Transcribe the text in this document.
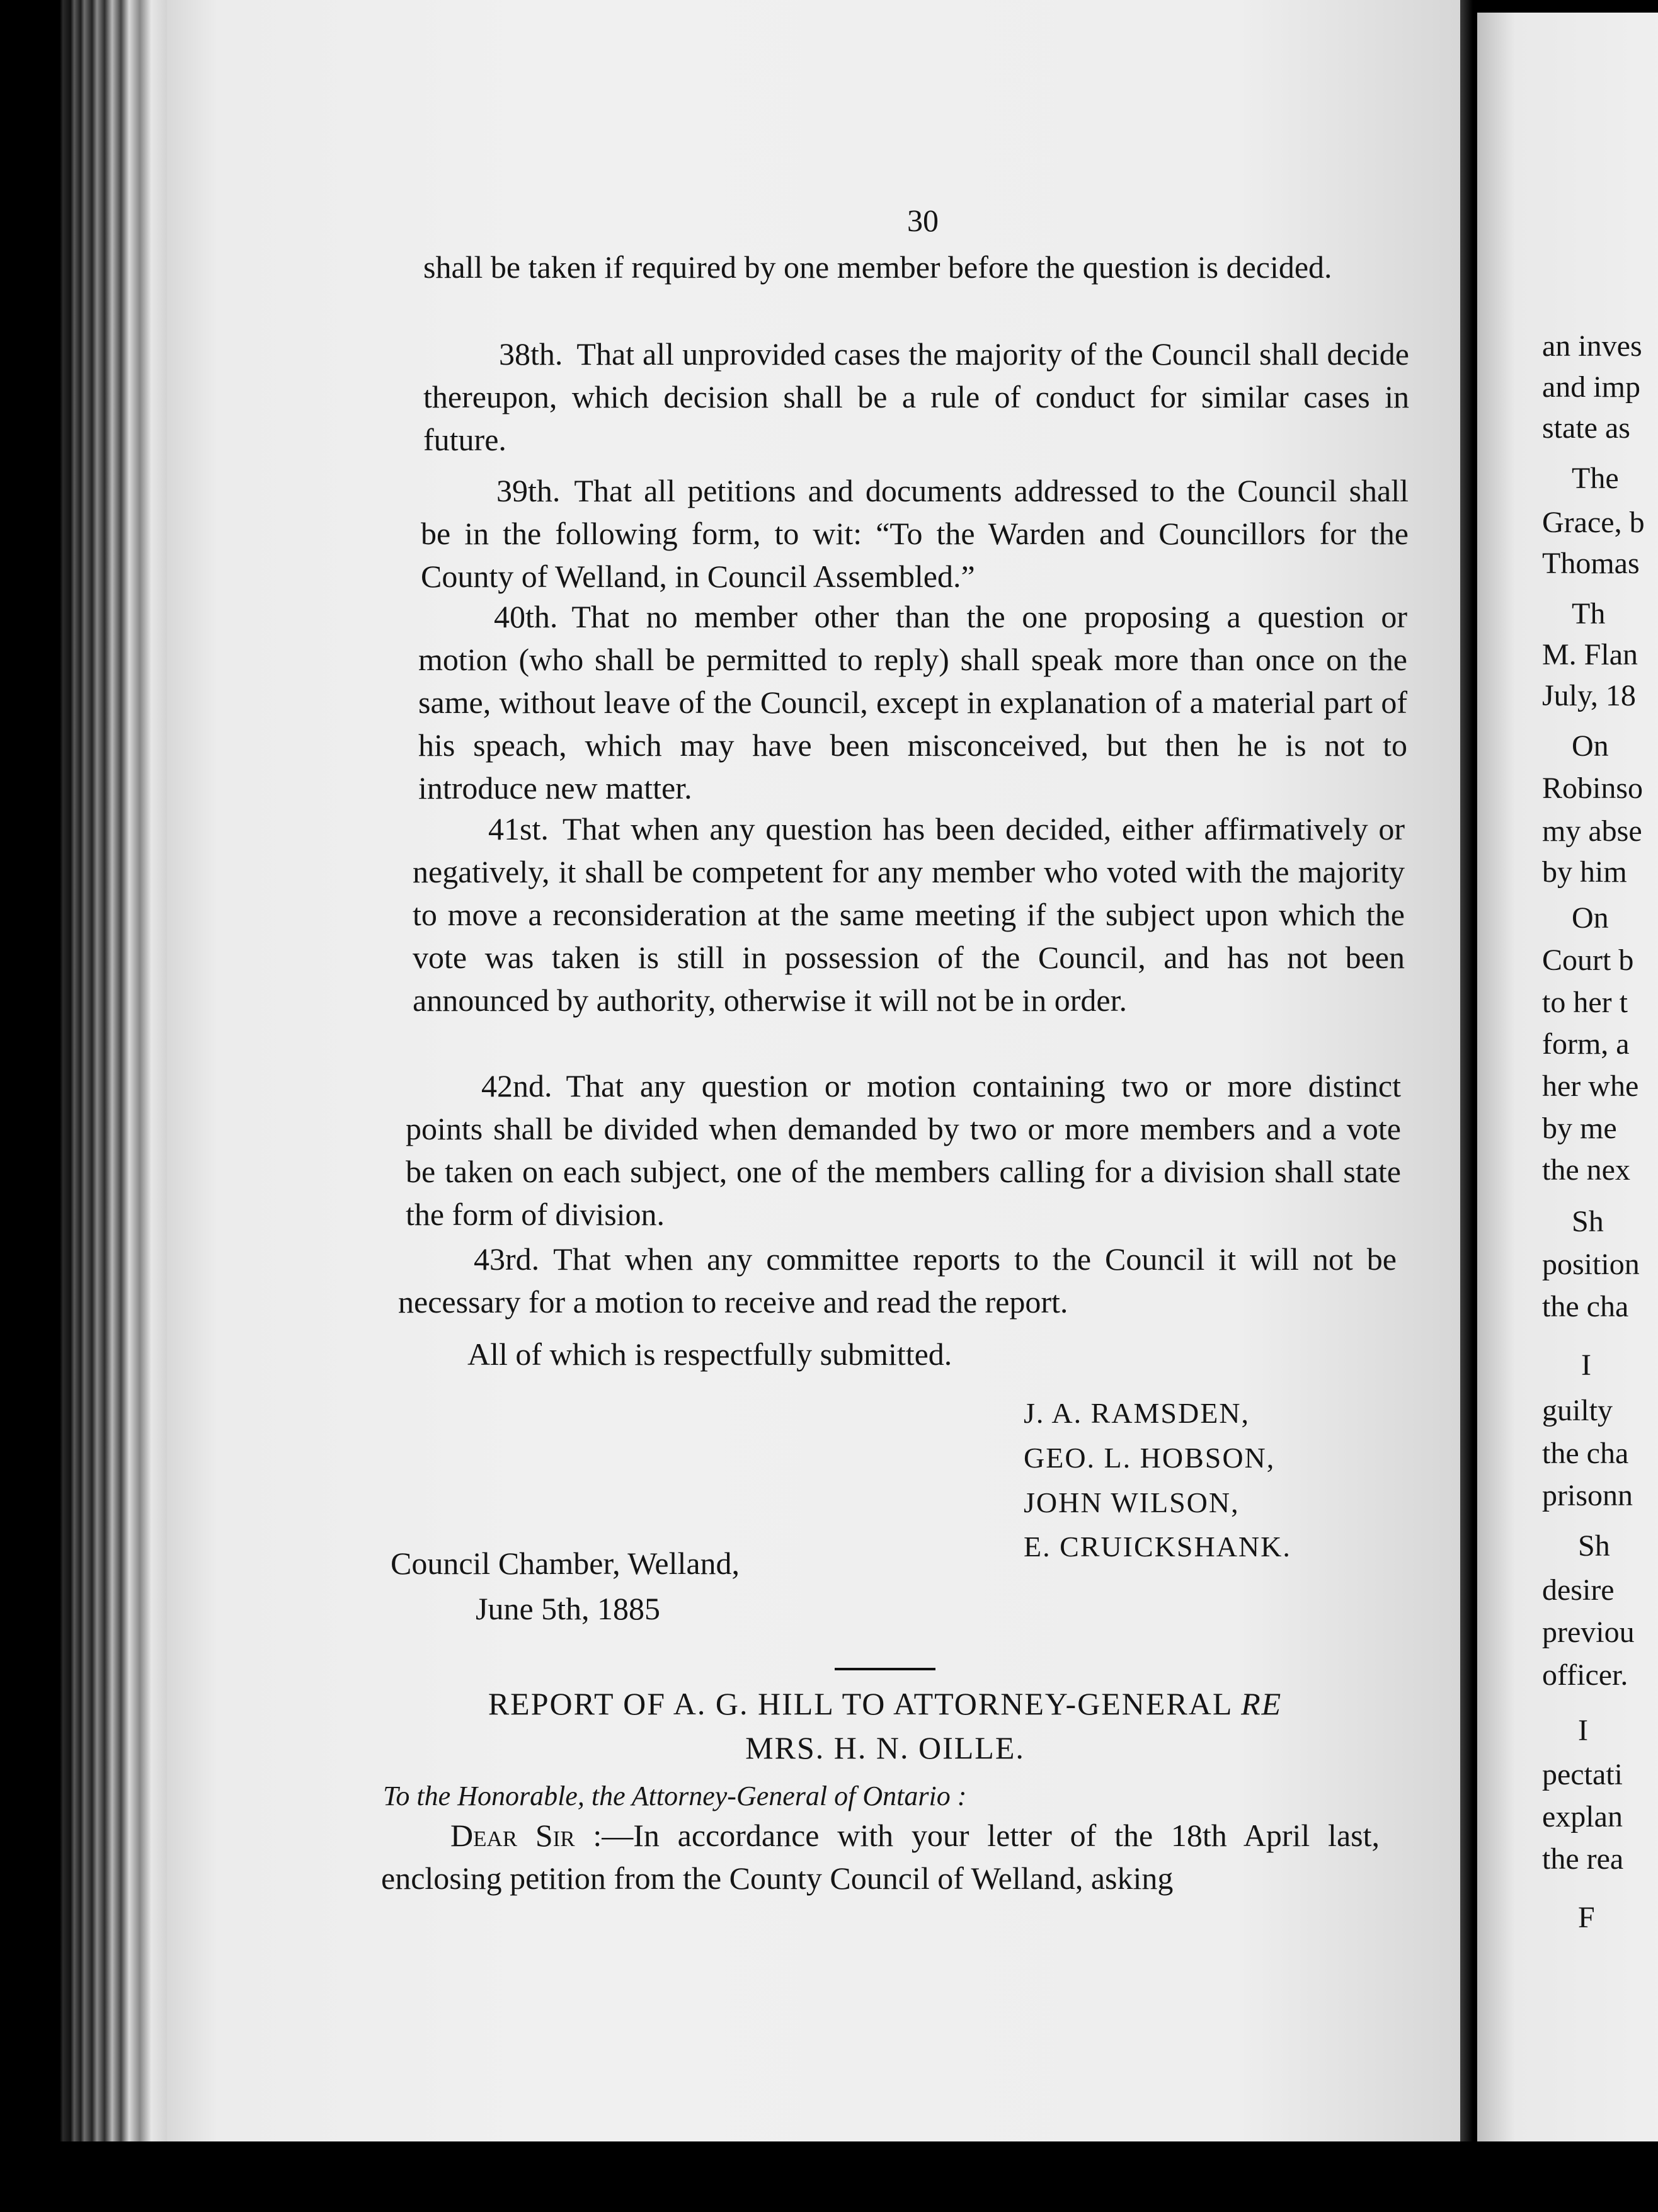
30

shall be taken if required by one member before the question is decided.

38th. That all unprovided cases the majority of the Council shall decide thereupon, which decision shall be a rule of conduct for similar cases in future.

39th. That all petitions and documents addressed to the Council shall be in the following form, to wit: “To the Warden and Councillors for the County of Welland, in Council Assembled.”

40th. That no member other than the one proposing a question or motion (who shall be permitted to reply) shall speak more than once on the same, without leave of the Council, except in explanation of a material part of his speach, which may have been misconceived, but then he is not to introduce new matter.

41st. That when any question has been decided, either affirmatively or negatively, it shall be competent for any member who voted with the majority to move a reconsideration at the same meeting if the subject upon which the vote was taken is still in possession of the Council, and has not been announced by authority, otherwise it will not be in order.

42nd. That any question or motion containing two or more distinct points shall be divided when demanded by two or more members and a vote be taken on each subject, one of the members calling for a division shall state the form of division.

43rd. That when any committee reports to the Council it will not be necessary for a motion to receive and read the report.

All of which is respectfully submitted.
J. A. RAMSDEN,
GEO. L. HOBSON,
JOHN WILSON,
E. CRUICKSHANK.
Council Chamber, Welland,
June 5th, 1885
REPORT OF A. G. HILL TO ATTORNEY-GENERAL RE
MRS. H. N. OILLE.
To the Honorable, the Attorney-General of Ontario :

Dear Sir :—In accordance with your letter of the 18th April last, enclosing petition from the County Council of Welland, asking

an inves
and imp
state as
The
Grace, b
Thomas
Th
M. Flan
July, 18
On
Robinso
my abse
by him
On
Court b
to her t
form, a
her whe
by me
the nex
Sh
position
the cha
I
guilty
the cha
prisonn
Sh
desire
previou
officer.
I
pectati
explan
the rea
F
